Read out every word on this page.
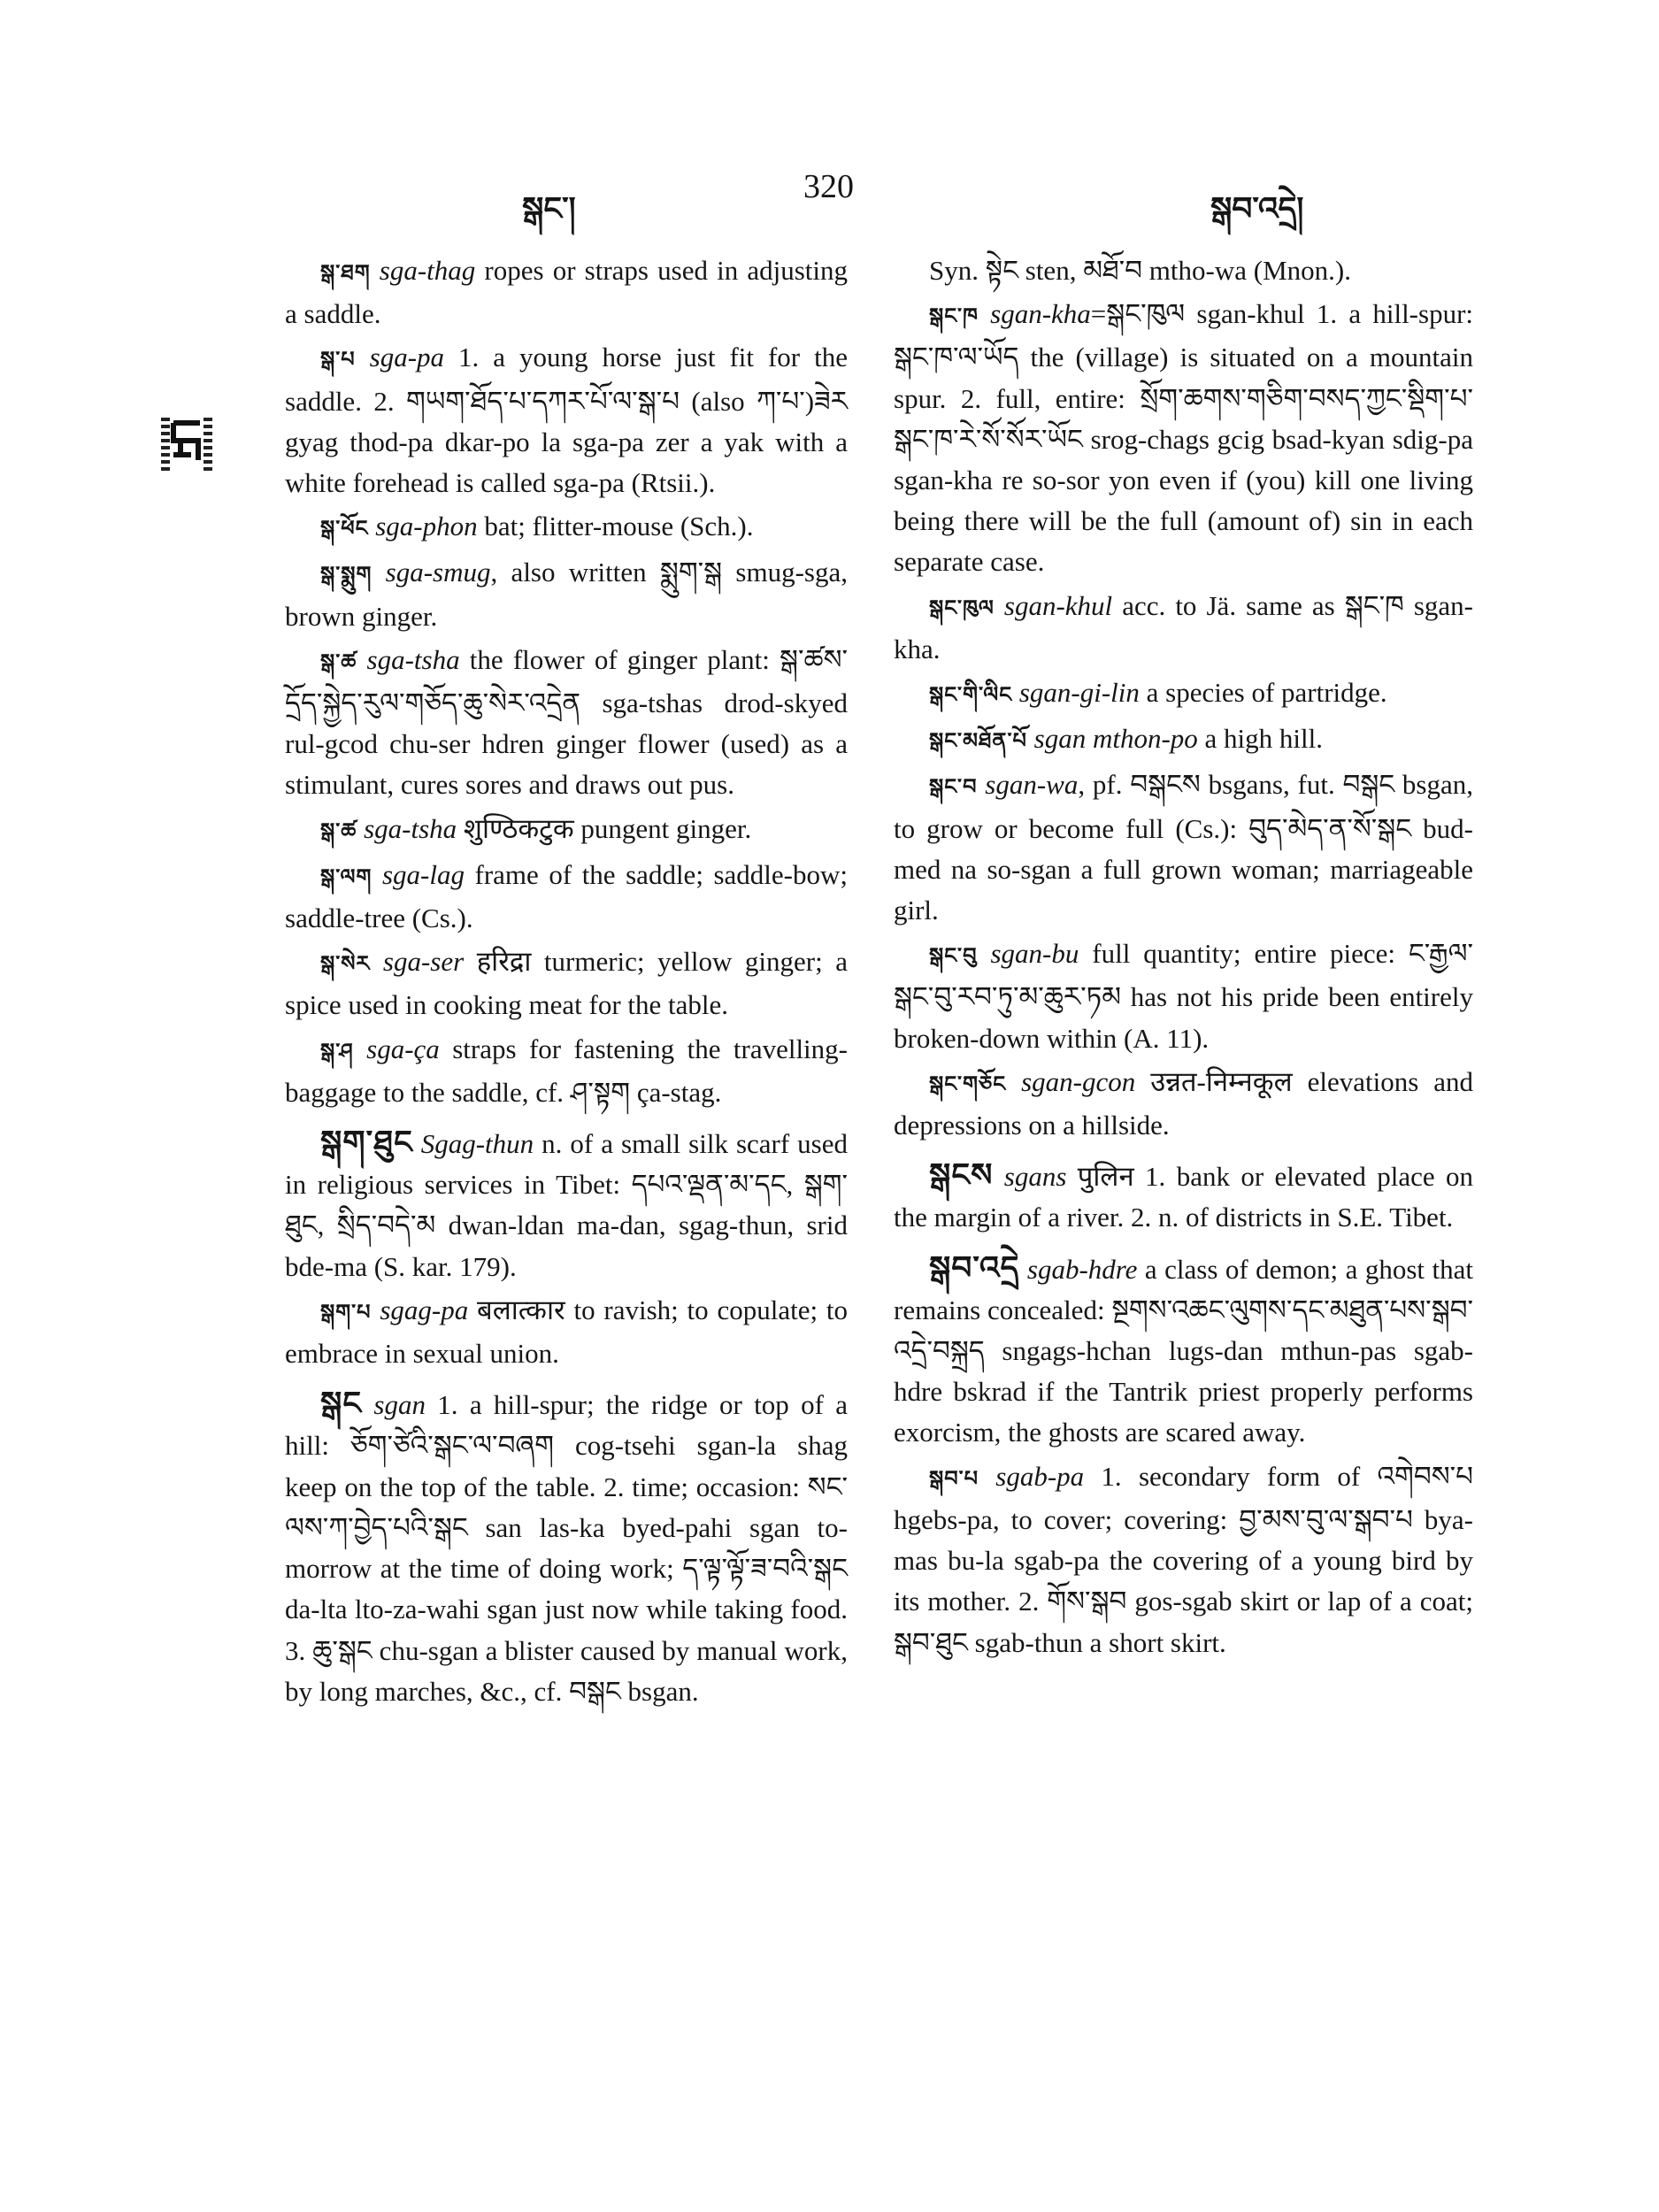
སྒང་།
320
སྒབ་འདྲེ།

སྒ་ཐག sga-thag ropes or straps used in adjusting a saddle.

སྒ་པ sga-pa 1. a young horse just fit for the saddle. 2. གཡག་ཐོད་པ་དཀར་པོ་ལ་སྒ་པ (also ཀ་པ་)ཟེར gyag thod-pa dkar-po la sga-pa zer a yak with a white forehead is called sga-pa (Rtsii.).

སྒ་ཕོང sga-phon bat; flitter-mouse (Sch.).

སྒ་སྨུག sga-smug, also written སྨུག་སྒ smug-sga, brown ginger.

སྒ་ཚ sga-tsha the flower of ginger plant: སྒ་ཚས་དྲོད་སྐྱེད་རུལ་གཅོད་ཆུ་སེར་འདྲེན sga-tshas drod-skyed rul-gcod chu-ser hdren ginger flower (used) as a stimulant, cures sores and draws out pus.

སྒ་ཚ sga-tsha शुण्ठिकटुक pungent ginger.

སྒ་ལག sga-lag frame of the saddle; saddle-bow; saddle-tree (Cs.).

སྒ་སེར sga-ser हरिद्रा turmeric; yellow ginger; a spice used in cooking meat for the table.

སྒ་ཤ sga-ça straps for fastening the travelling-baggage to the saddle, cf. ཤ་སྟག ça-stag.

སྒག་ཐུང Sgag-thun n. of a small silk scarf used in religious services in Tibet: དཔའ་ལྡན་མ་དང, སྒག་ཐུང, སྲིད་བདེ་མ dwan-ldan ma-dan, sgag-thun, srid bde-ma (S. kar. 179).

སྒག་པ sgag-pa बलात्कार to ravish; to copulate; to embrace in sexual union.

སྒང sgan 1. a hill-spur; the ridge or top of a hill: ཅོག་ཙེའི་སྒང་ལ་བཞག cog-tsehi sgan-la shag keep on the top of the table. 2. time; occasion: སང་ལས་ཀ་བྱེད་པའི་སྒང san las-ka byed-pahi sgan to-morrow at the time of doing work; ད་ལྟ་ལྟོ་ཟ་བའི་སྒང da-lta lto-za-wahi sgan just now while taking food. 3. ཆུ་སྒང chu-sgan a blister caused by manual work, by long marches, &c., cf. བསྒང bsgan.

Syn. སྟེང sten, མཐོ་བ mtho-wa (Mnon.).

སྒང་ཁ sgan-kha=སྒང་ཁུལ sgan-khul 1. a hill-spur: སྒང་ཁ་ལ་ཡོད the (village) is situated on a mountain spur. 2. full, entire: སྲོག་ཆགས་གཅིག་བསད་ཀྱང་སྡིག་པ་སྒང་ཁ་རེ་སོ་སོར་ཡོང srog-chags gcig bsad-kyan sdig-pa sgan-kha re so-sor yon even if (you) kill one living being there will be the full (amount of) sin in each separate case.

སྒང་ཁུལ sgan-khul acc. to Jä. same as སྒང་ཁ sgan-kha.

སྒང་གི་ལིང sgan-gi-lin a species of partridge.

སྒང་མཐོན་པོ sgan mthon-po a high hill.

སྒང་བ sgan-wa, pf. བསྒངས bsgans, fut. བསྒང bsgan, to grow or become full (Cs.): བུད་མེད་ན་སོ་སྒང bud-med na so-sgan a full grown woman; marriageable girl.

སྒང་བུ sgan-bu full quantity; entire piece: ང་རྒྱལ་སྒང་བུ་རབ་ཏུ་མ་ཆུར་ཏམ has not his pride been entirely broken-down within (A. 11).

སྒང་གཅོང sgan-gcon उन्नत-निम्नकूल elevations and depressions on a hillside.

སྒངས sgans पुलिन 1. bank or elevated place on the margin of a river. 2. n. of districts in S.E. Tibet.

སྒབ་འདྲེ sgab-hdre a class of demon; a ghost that remains concealed: སྔགས་འཆང་ལུགས་དང་མཐུན་པས་སྒབ་འདྲེ་བསྐྲད sngags-hchan lugs-dan mthun-pas sgab-hdre bskrad if the Tantrik priest properly performs exorcism, the ghosts are scared away.

སྒབ་པ sgab-pa 1. secondary form of འགེབས་པ hgebs-pa, to cover; covering: བྱ་མས་བུ་ལ་སྒབ་པ bya-mas bu-la sgab-pa the covering of a young bird by its mother. 2. གོས་སྒབ gos-sgab skirt or lap of a coat; སྒབ་ཐུང sgab-thun a short skirt.
